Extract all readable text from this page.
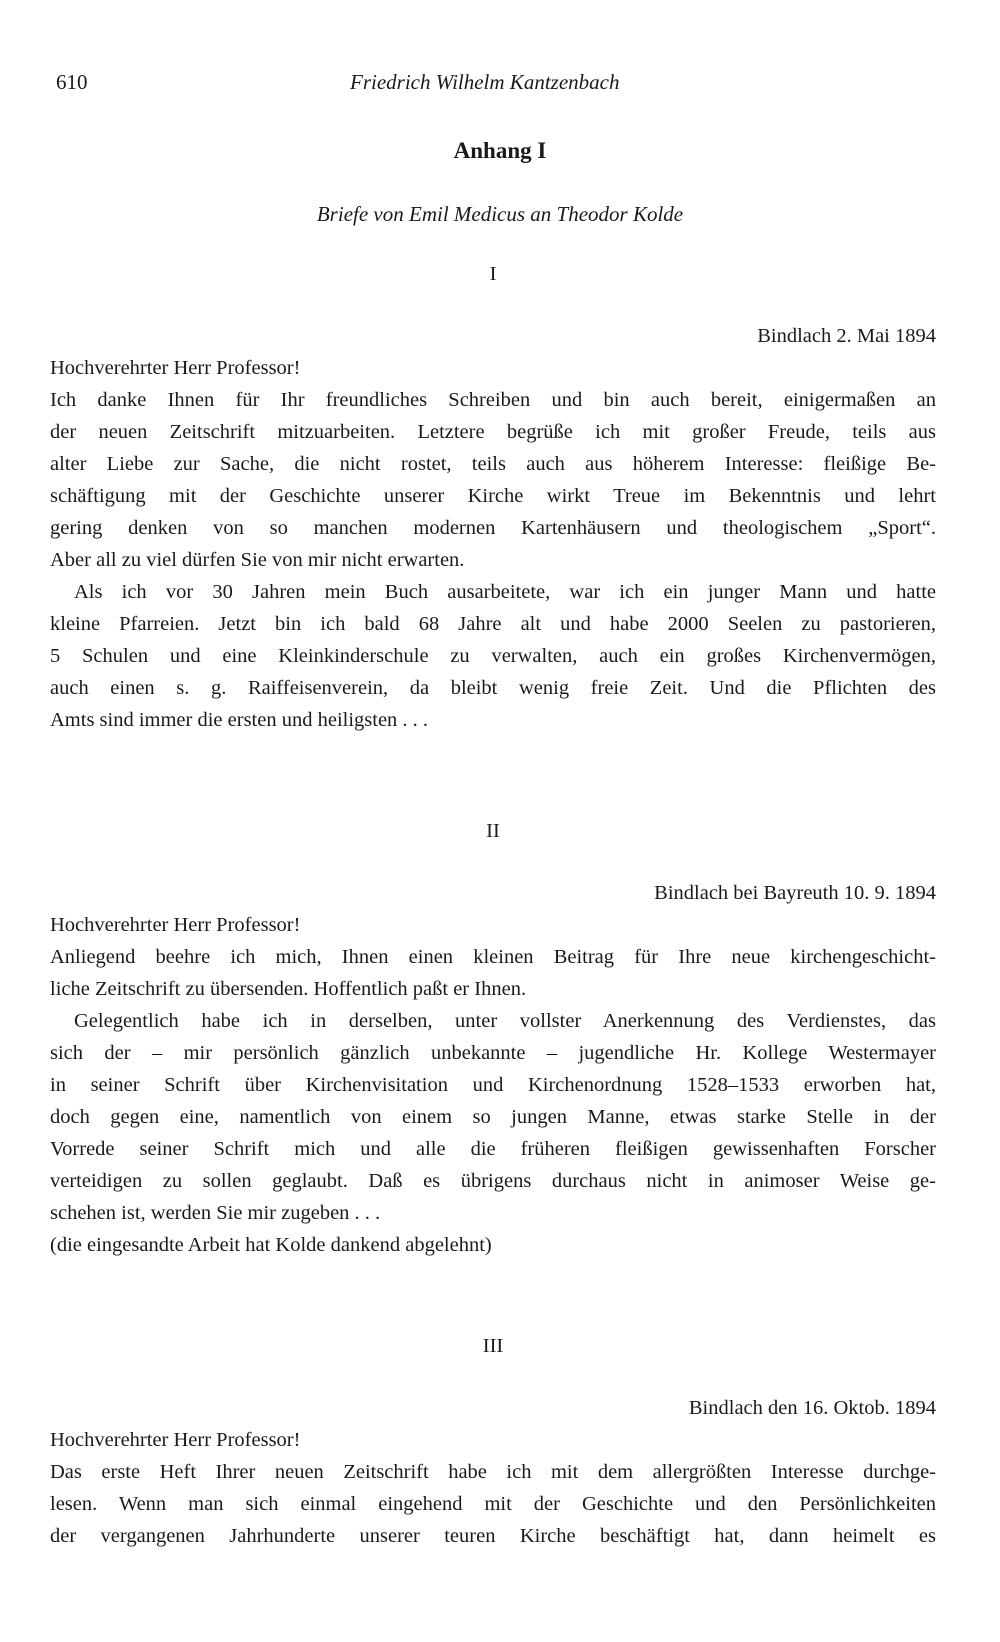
610	Friedrich Wilhelm Kantzenbach
Anhang I
Briefe von Emil Medicus an Theodor Kolde
I
Bindlach 2. Mai 1894
Hochverehrter Herr Professor!
Ich danke Ihnen für Ihr freundliches Schreiben und bin auch bereit, einigermaßen an
der neuen Zeitschrift mitzuarbeiten. Letztere begrüße ich mit großer Freude, teils aus
alter Liebe zur Sache, die nicht rostet, teils auch aus höherem Interesse: fleißige Be-
schäftigung mit der Geschichte unserer Kirche wirkt Treue im Bekenntnis und lehrt
gering denken von so manchen modernen Kartenhäusern und theologischem „Sport“.
Aber all zu viel dürfen Sie von mir nicht erwarten.
Als ich vor 30 Jahren mein Buch ausarbeitete, war ich ein junger Mann und hatte
kleine Pfarreien. Jetzt bin ich bald 68 Jahre alt und habe 2000 Seelen zu pastorieren,
5 Schulen und eine Kleinkinderschule zu verwalten, auch ein großes Kirchenvermögen,
auch einen s. g. Raiffeisenverein, da bleibt wenig freie Zeit. Und die Pflichten des
Amts sind immer die ersten und heiligsten . . .
II
Bindlach bei Bayreuth 10. 9. 1894
Hochverehrter Herr Professor!
Anliegend beehre ich mich, Ihnen einen kleinen Beitrag für Ihre neue kirchengeschicht-
liche Zeitschrift zu übersenden. Hoffentlich paßt er Ihnen.
Gelegentlich habe ich in derselben, unter vollster Anerkennung des Verdienstes, das
sich der – mir persönlich gänzlich unbekannte – jugendliche Hr. Kollege Westermayer
in seiner Schrift über Kirchenvisitation und Kirchenordnung 1528–1533 erworben hat,
doch gegen eine, namentlich von einem so jungen Manne, etwas starke Stelle in der
Vorrede seiner Schrift mich und alle die früheren fleißigen gewissenhaften Forscher
verteidigen zu sollen geglaubt. Daß es übrigens durchaus nicht in animoser Weise ge-
schehen ist, werden Sie mir zugeben . . .
(die eingesandte Arbeit hat Kolde dankend abgelehnt)
III
Bindlach den 16. Oktob. 1894
Hochverehrter Herr Professor!
Das erste Heft Ihrer neuen Zeitschrift habe ich mit dem allergrößten Interesse durchge-
lesen. Wenn man sich einmal eingehend mit der Geschichte und den Persönlichkeiten
der vergangenen Jahrhunderte unserer teuren Kirche beschäftigt hat, dann heimelt es
